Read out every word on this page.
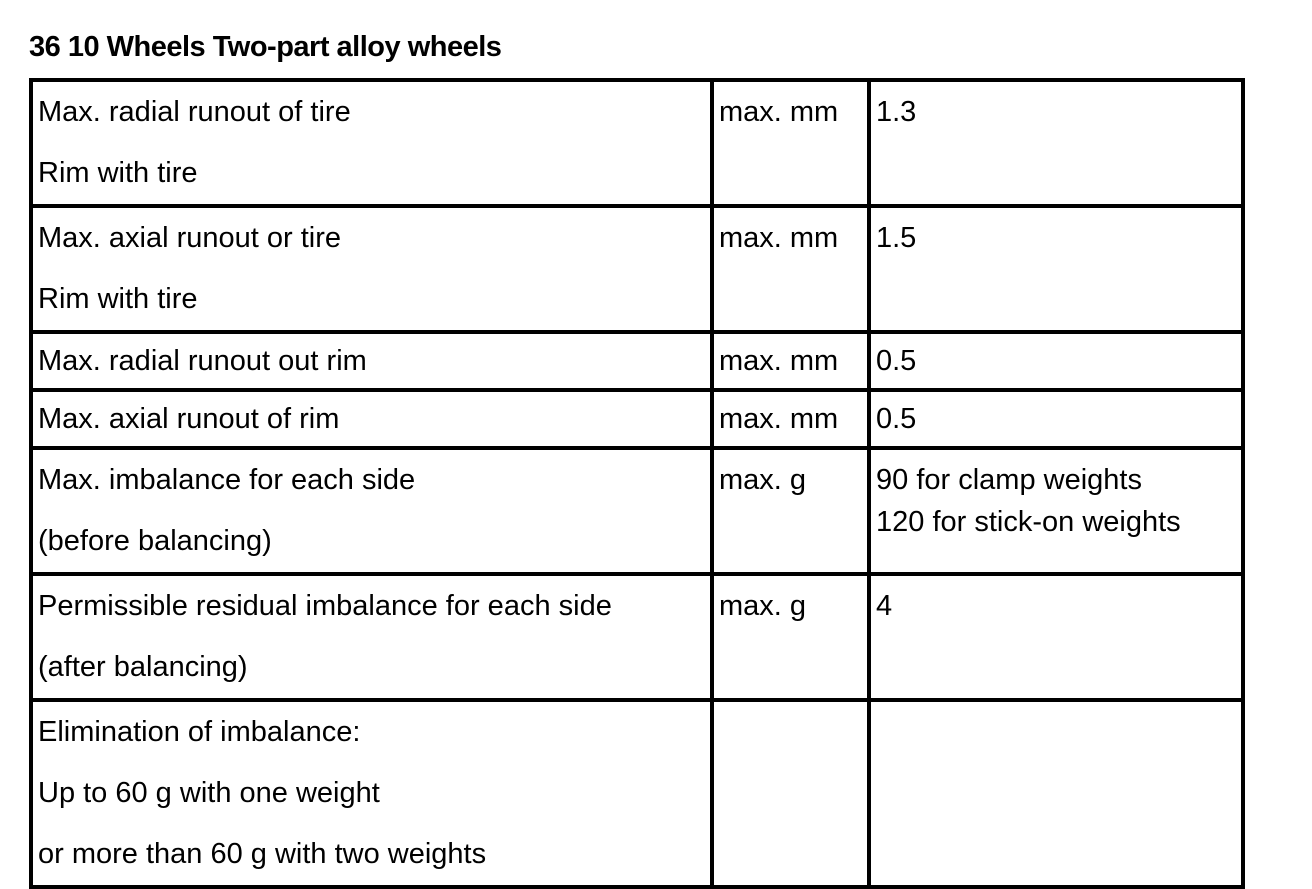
36 10 Wheels Two-part alloy wheels
Max. radial runout of tire
Rim with tire	max. mm	1.3

Max. axial runout or tire
Rim with tire	max. mm	1.5

Max. radial runout out rim	max. mm	0.5
Max. axial runout of rim	max. mm	0.5

Max. imbalance for each side
(before balancing)	max. g	90 for clamp weights
120 for stick-on weights

Permissible residual imbalance for each side
(after balancing)	max. g	4

Elimination of imbalance:
Up to 60 g with one weight
or more than 60 g with two weights		
